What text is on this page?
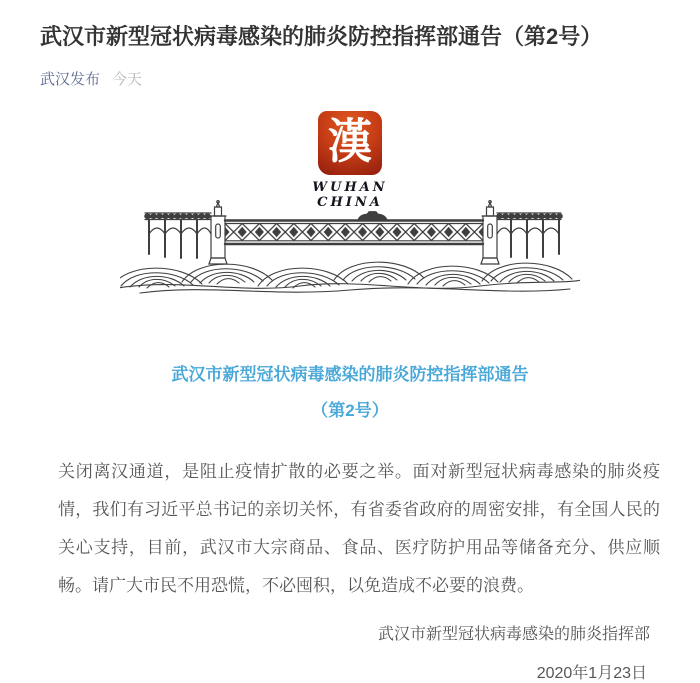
武汉市新型冠状病毒感染的肺炎防控指挥部通告（第2号）
武汉发布 今天
漢
WUHAN
CHINA
武汉市新型冠状病毒感染的肺炎防控指挥部通告
（第2号）

关闭离汉通道，是阻止疫情扩散的必要之举。面对新型冠状病毒感染的肺炎疫情，我们有习近平总书记的亲切关怀，有省委省政府的周密安排，有全国人民的关心支持，目前，武汉市大宗商品、食品、医疗防护用品等储备充分、供应顺畅。请广大市民不用恐慌，不必囤积，以免造成不必要的浪费。

武汉市新型冠状病毒感染的肺炎指挥部
2020年1月23日
